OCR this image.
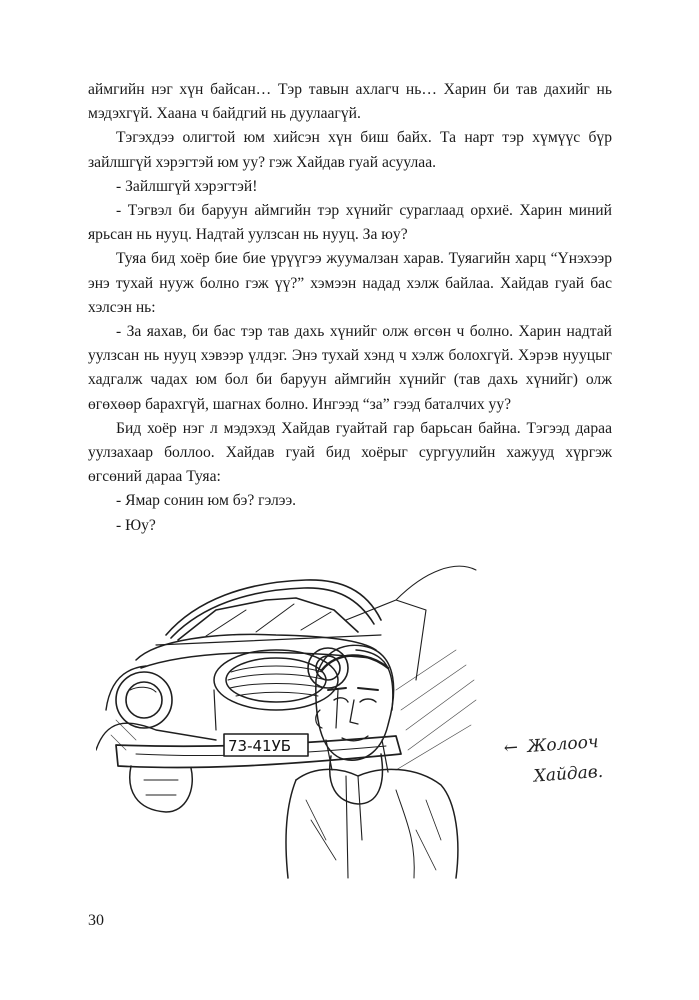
аймгийн нэг хүн байсан… Тэр тавын ахлагч нь… Харин би тав дахийг нь мэдэхгүй. Хаана ч байдгий нь дуулаагүй.

Тэгэхдээ олигтой юм хийсэн хүн биш байх. Та нарт тэр хүмүүс бүр зайлшгүй хэрэгтэй юм уу? гэж Хайдав гуай асуулаа.

- Зайлшгүй хэрэгтэй!

- Тэгвэл би баруун аймгийн тэр хүнийг сураглаад орхиё. Харин миний ярьсан нь нууц. Надтай уулзсан нь нууц. За юу?

Туяа бид хоёр бие бие үрүүгээ жуумалзан харав. Туяагийн харц “Үнэхээр энэ тухай нууж болно гэж үү?” хэмээн надад хэлж байлаа. Хайдав гуай бас хэлсэн нь:

- За яахав, би бас тэр тав дахь хүнийг олж өгсөн ч болно. Харин надтай уулзсан нь нууц хэвээр үлдэг. Энэ тухай хэнд ч хэлж болохгүй. Хэрэв нууцыг хадгалж чадах юм бол би баруун аймгийн хүнийг (тав дахь хүнийг) олж өгөхөөр барахгүй, шагнах болно. Ингээд “за” гээд баталчих уу?

Бид хоёр нэг л мэдэхэд Хайдав гуайтай гар барьсан байна. Тэгээд дараа уулзахаар боллоо. Хайдав гуай бид хоёрыг сургуулийн хажууд хүргэж өгсөний дараа Туяа:

- Ямар сонин юм бэ? гэлээ.

- Юу?

73-41УБ	← Жолооч
Хайдав.
30
